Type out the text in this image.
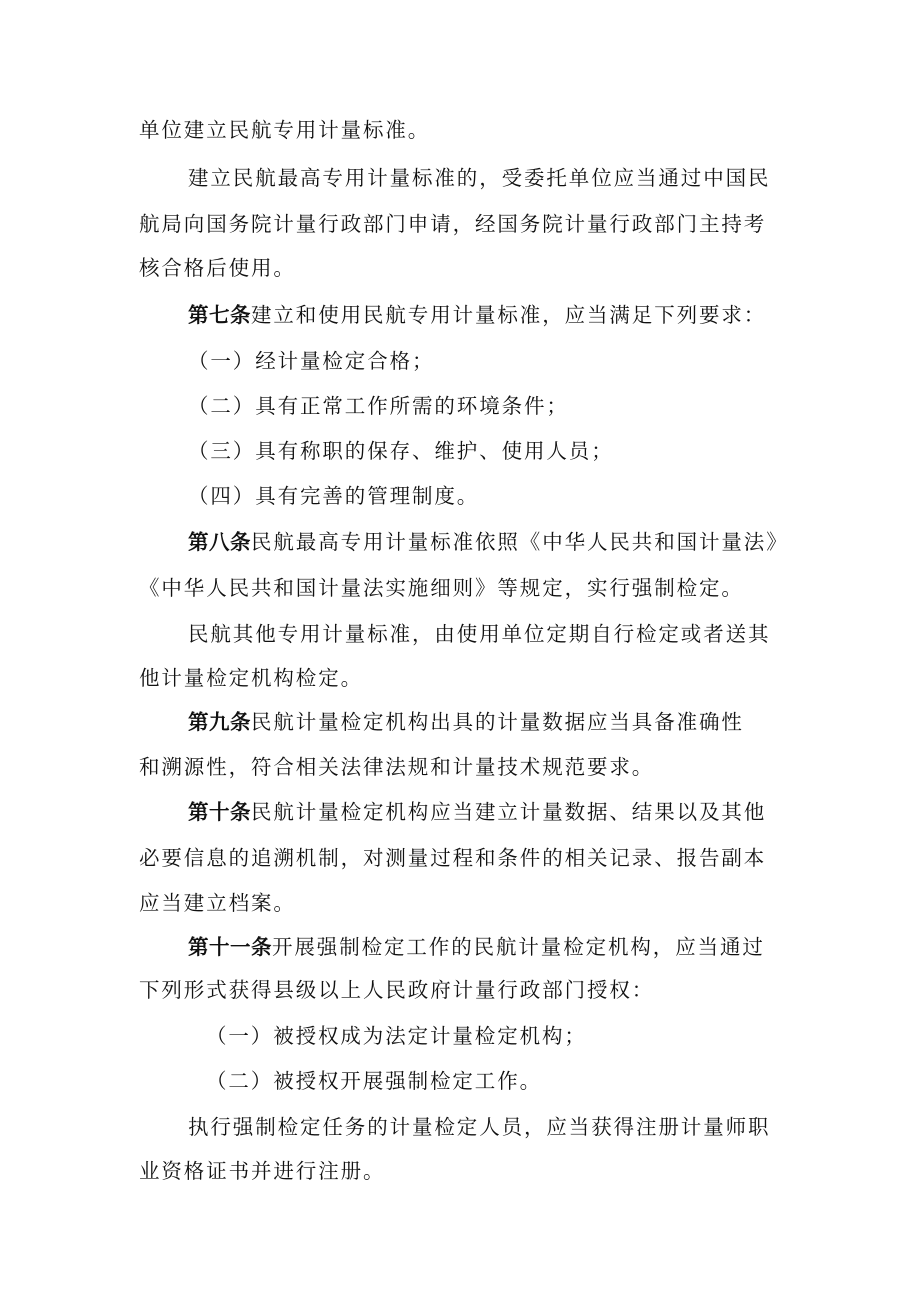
单位建立民航专用计量标准。
建立民航最高专用计量标准的，受委托单位应当通过中国民
航局向国务院计量行政部门申请，经国务院计量行政部门主持考
核合格后使用。
第七条建立和使用民航专用计量标准，应当满足下列要求：
（一）经计量检定合格；
（二）具有正常工作所需的环境条件；
（三）具有称职的保存、维护、使用人员；
（四）具有完善的管理制度。
第八条民航最高专用计量标准依照《中华人民共和国计量法》
《中华人民共和国计量法实施细则》等规定，实行强制检定。
民航其他专用计量标准，由使用单位定期自行检定或者送其
他计量检定机构检定。
第九条民航计量检定机构出具的计量数据应当具备准确性
和溯源性，符合相关法律法规和计量技术规范要求。
第十条民航计量检定机构应当建立计量数据、结果以及其他
必要信息的追溯机制，对测量过程和条件的相关记录、报告副本
应当建立档案。
第十一条开展强制检定工作的民航计量检定机构，应当通过
下列形式获得县级以上人民政府计量行政部门授权：
（一）被授权成为法定计量检定机构；
（二）被授权开展强制检定工作。
执行强制检定任务的计量检定人员，应当获得注册计量师职
业资格证书并进行注册。
